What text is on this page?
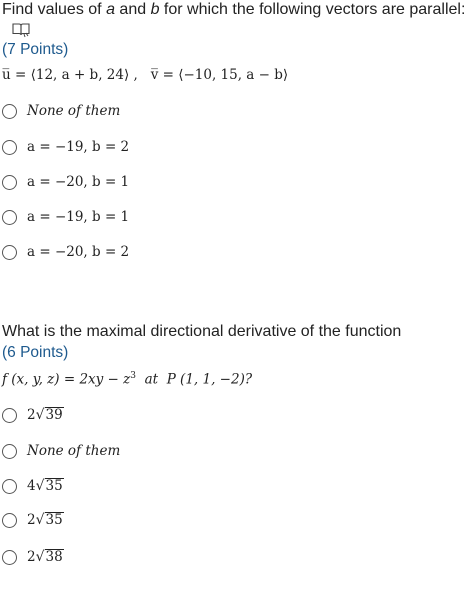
Find values of a and b for which the following vectors are parallel:

(7 Points)
u̅ = ⟨12, a + b, 24⟩ , v̅ = ⟨−10, 15, a − b⟩
None of them
a = −19, b = 2
a = −20, b = 1
a = −19, b = 1
a = −20, b = 2

What is the maximal directional derivative of the function

(6 Points)
f (x, y, $z) = 2xy - z^3$ at P (1, 1, −2)?
2√39
None of them
4√35
2√35
2√38
